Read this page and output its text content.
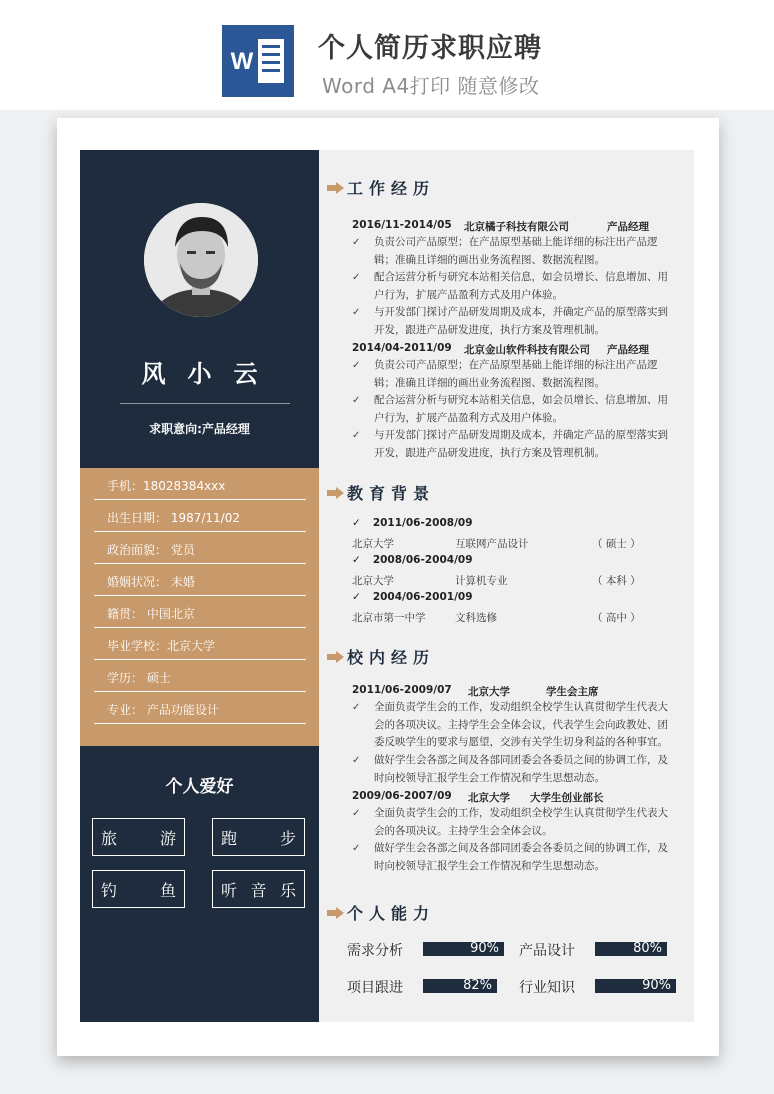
W 个人简历求职应聘
Word A4打印 随意修改
风小云
求职意向:产品经理
手机：18028384xxx
出生日期： 1987/11/02
政治面貌： 党员
婚姻状况： 未婚
籍贯： 中国北京
毕业学校：北京大学
学历： 硕士
专业： 产品功能设计
个人爱好
旅	游	跑	步
钓	鱼	听 音 乐
工作经历
2016/11-2014/05 北京橘子科技有限公司	产品经理
✓	负责公司产品原型；在产品原型基础上能详细的标注出产品逻辑；准确且详细的画出业务流程图、数据流程图。
✓	配合运营分析与研究本站相关信息，如会员增长、信息增加、用户行为，扩展产品盈利方式及用户体验。
✓	与开发部门探讨产品研发周期及成本，并确定产品的原型落实到开发，跟进产品研发进度，执行方案及管理机制。
2014/04-2011/09 北京金山软件科技有限公司 产品经理
✓	负责公司产品原型；在产品原型基础上能详细的标注出产品逻辑；准确且详细的画出业务流程图、数据流程图。
✓	配合运营分析与研究本站相关信息，如会员增长、信息增加、用户行为，扩展产品盈利方式及用户体验。
✓	与开发部门探讨产品研发周期及成本，并确定产品的原型落实到开发，跟进产品研发进度，执行方案及管理机制。
教育背景
✓ 2011/06-2008/09
北京大学	互联网产品设计	（ 硕士 ）
✓ 2008/06-2004/09
北京大学	计算机专业	（ 本科 ）
✓ 2004/06-2001/09
北京市第一中学	文科选修	（ 高中 ）
校内经历
2011/06-2009/07 北京大学	学生会主席
✓	全面负责学生会的工作，发动组织全校学生认真贯彻学生代表大会的各项决议。主持学生会全体会议，代表学生会向政教处、团委反映学生的要求与愿望，交涉有关学生切身利益的各种事宜。
✓	做好学生会各部之间及各部同团委会各委员之间的协调工作，及时向校领导汇报学生会工作情况和学生思想动态。
2009/06-2007/09 北京大学 大学生创业部长
✓	全面负责学生会的工作，发动组织全校学生认真贯彻学生代表大会的各项决议。主持学生会全体会议。
✓	做好学生会各部之间及各部同团委会各委员之间的协调工作，及时向校领导汇报学生会工作情况和学生思想动态。
个人能力
需求分析	90%	产品设计	80%
项目跟进	82%	行业知识	90%
